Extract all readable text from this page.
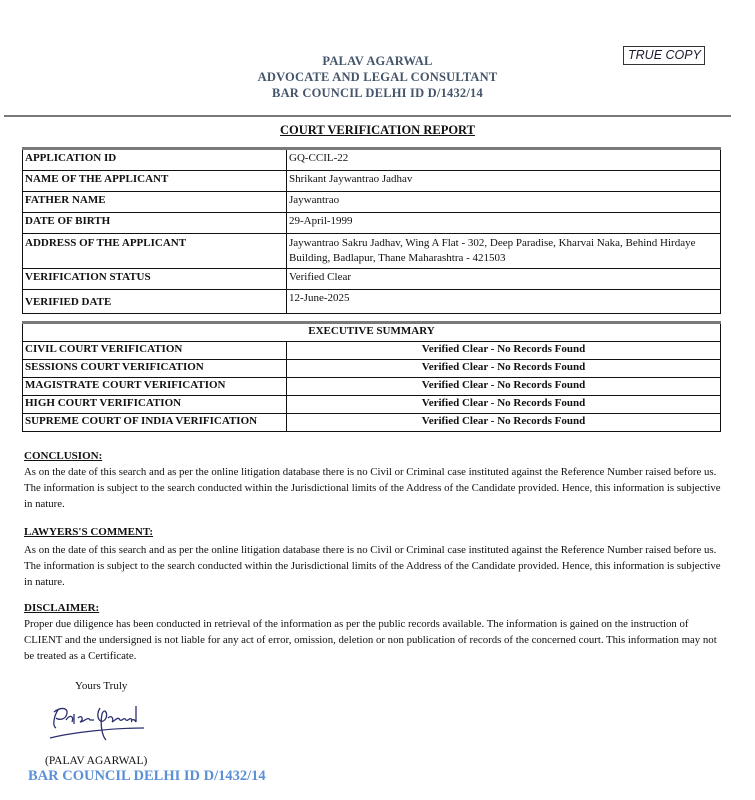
PALAV AGARWAL
ADVOCATE AND LEGAL CONSULTANT
BAR COUNCIL DELHI ID D/1432/14
TRUE COPY
COURT VERIFICATION REPORT
APPLICATION ID	GQ-CCIL-22
NAME OF THE APPLICANT	Shrikant Jaywantrao Jadhav
FATHER NAME	Jaywantrao
DATE OF BIRTH	29-April-1999
ADDRESS OF THE APPLICANT	Jaywantrao Sakru Jadhav, Wing A Flat - 302, Deep Paradise, Kharvai Naka, Behind Hirdaye Building, Badlapur, Thane Maharashtra - 421503
VERIFICATION STATUS	Verified Clear
VERIFIED DATE	12-June-2025
EXECUTIVE SUMMARY	
CIVIL COURT VERIFICATION	Verified Clear - No Records Found
SESSIONS COURT VERIFICATION	Verified Clear - No Records Found
MAGISTRATE COURT VERIFICATION	Verified Clear - No Records Found
HIGH COURT VERIFICATION	Verified Clear - No Records Found
SUPREME COURT OF INDIA VERIFICATION	Verified Clear - No Records Found
CONCLUSION:
As on the date of this search and as per the online litigation database there is no Civil or Criminal case instituted against the Reference Number raised before us. The information is subject to the search conducted within the Jurisdictional limits of the Address of the Candidate provided. Hence, this information is subjective in nature.
LAWYERS'S COMMENT:
As on the date of this search and as per the online litigation database there is no Civil or Criminal case instituted against the Reference Number raised before us. The information is subject to the search conducted within the Jurisdictional limits of the Address of the Candidate provided. Hence, this information is subjective in nature.
DISCLAIMER:
Proper due diligence has been conducted in retrieval of the information as per the public records available. The information is gained on the instruction of CLIENT and the undersigned is not liable for any act of error, omission, deletion or non publication of records of the concerned court. This information may not be treated as a Certificate.
Yours Truly
(PALAV AGARWAL)
BAR COUNCIL DELHI ID D/1432/14
